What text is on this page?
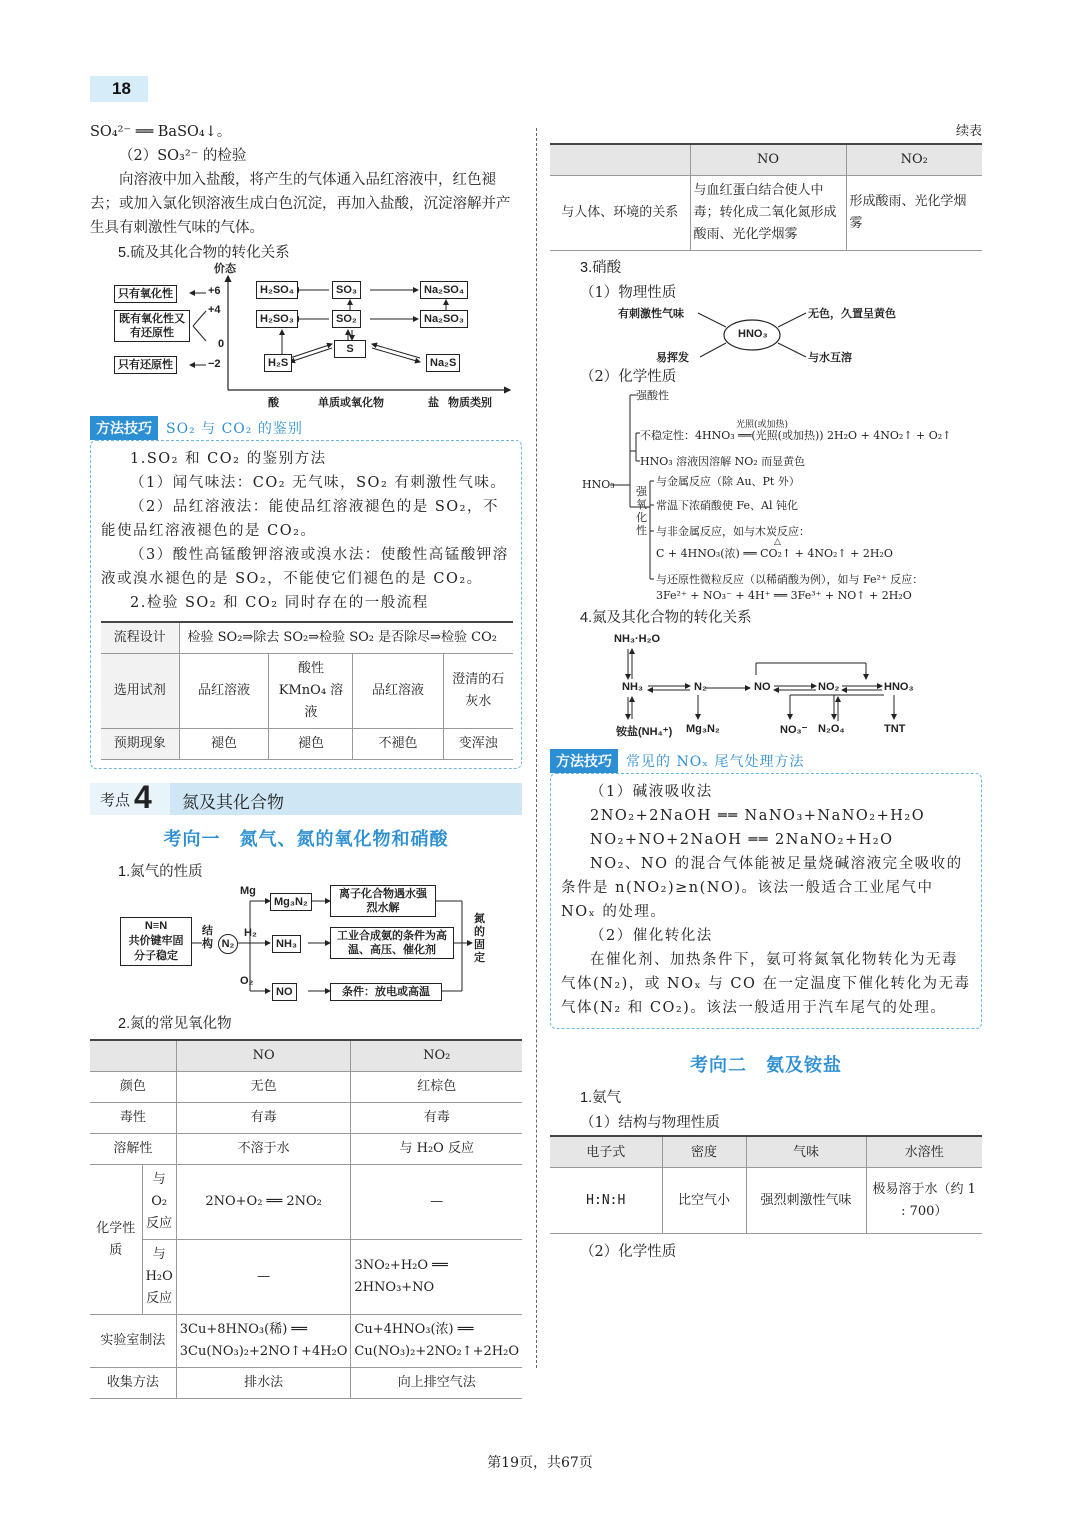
18
SO₄²⁻ ══ BaSO₄↓。
（2）SO₃²⁻ 的检验
向溶液中加入盐酸，将产生的气体通入品红溶液中，红色褪去；或加入氯化钡溶液生成白色沉淀，再加入盐酸，沉淀溶解并产生具有刺激性气味的气体。
5.硫及其化合物的转化关系
价态
只有氧化性
既有氧化性又有还原性
只有还原性
+6
+4
0
−2
H₂SO₄	SO₃	Na₂SO₄
H₂SO₃	SO₂	Na₂SO₃
S
H₂S	Na₂S
酸	单质或氧化物	盐 物质类别
方法技巧 SO₂ 与 CO₂ 的鉴别
1.SO₂ 和 CO₂ 的鉴别方法
（1）闻气味法：CO₂ 无气味，SO₂ 有刺激性气味。
（2）品红溶液法：能使品红溶液褪色的是 SO₂，不能使品红溶液褪色的是 CO₂。
（3）酸性高锰酸钾溶液或溴水法：使酸性高锰酸钾溶液或溴水褪色的是 SO₂，不能使它们褪色的是 CO₂。
2.检验 SO₂ 和 CO₂ 同时存在的一般流程
流程设计	检验 SO₂⇒除去 SO₂⇒检验 SO₂ 是否除尽⇒检验 CO₂			
选用试剂	品红溶液	酸性 KMnO₄ 溶液	品红溶液	澄清的石灰水
预期现象	褪色	褪色	不褪色	变浑浊
考点 4	氮及其化合物
考向一　氮气、氮的氧化物和硝酸
1.氮气的性质
N≡N
共价键牢固
分子稳定
结构 N₂
Mg
H₂
O₂
Mg₃N₂
NH₃
NO
离子化合物遇水强烈水解
工业合成氨的条件为高温、高压、催化剂
条件：放电或高温
氮的固定
2.氮的常见氧化物
		NO	NO₂
颜色		无色	红棕色
毒性		有毒	有毒
溶解性		不溶于水	与 H₂O 反应
化学性质	与 O₂ 反应	2NO+O₂ ══ 2NO₂	—
	与 H₂O 反应	—	3NO₂+H₂O ══ 2HNO₃+NO
实验室制法		3Cu+8HNO₃(稀) ══ 3Cu(NO₃)₂+2NO↑+4H₂O	Cu+4HNO₃(浓) ══ Cu(NO₃)₂+2NO₂↑+2H₂O
收集方法		排水法	向上排空气法
续表
	NO	NO₂
与人体、环境的关系	与血红蛋白结合使人中毒；转化成二氧化氮形成酸雨、光化学烟雾	形成酸雨、光化学烟雾
3.硝酸
（1）物理性质
HNO₃
有刺激性气味	无色，久置呈黄色
易挥发	与水互溶
（2）化学性质
HNO₃
强酸性
光照(或加热)
不稳定性：4HNO₃ ══(光照(或加热)) 2H₂O + 4NO₂↑ + O₂↑
HNO₃ 溶液因溶解 NO₂ 而显黄色
强氧化性
与金属反应（除 Au、Pt 外）
常温下浓硝酸使 Fe、Al 钝化
与非金属反应，如与木炭反应：
△
C + 4HNO₃(浓) ══ CO₂↑ + 4NO₂↑ + 2H₂O
与还原性微粒反应（以稀硝酸为例），如与 Fe²⁺ 反应：
3Fe²⁺ + NO₃⁻ + 4H⁺ ══ 3Fe³⁺ + NO↑ + 2H₂O
4.氮及其化合物的转化关系
NH₃·H₂O
NH₃	N₂	NO	NO₂	HNO₃
铵盐(NH₄⁺) Mg₃N₂	NO₃⁻ N₂O₄	TNT
方法技巧 常见的 NOₓ 尾气处理方法
（1）碱液吸收法
2NO₂+2NaOH ══ NaNO₃+NaNO₂+H₂O
NO₂+NO+2NaOH ══ 2NaNO₂+H₂O
NO₂、NO 的混合气体能被足量烧碱溶液完全吸收的条件是 n(NO₂)≥n(NO)。该法一般适合工业尾气中 NOₓ 的处理。
（2）催化转化法
在催化剂、加热条件下，氨可将氮氧化物转化为无毒气体(N₂)，或 NOₓ 与 CO 在一定温度下催化转化为无毒气体(N₂ 和 CO₂)。该法一般适用于汽车尾气的处理。
考向二　氨及铵盐
1.氨气
（1）结构与物理性质
电子式	密度	气味	水溶性
H:N:H	比空气小	强烈刺激性气味	极易溶于水（约 1 : 700）
（2）化学性质
第19页，共67页
